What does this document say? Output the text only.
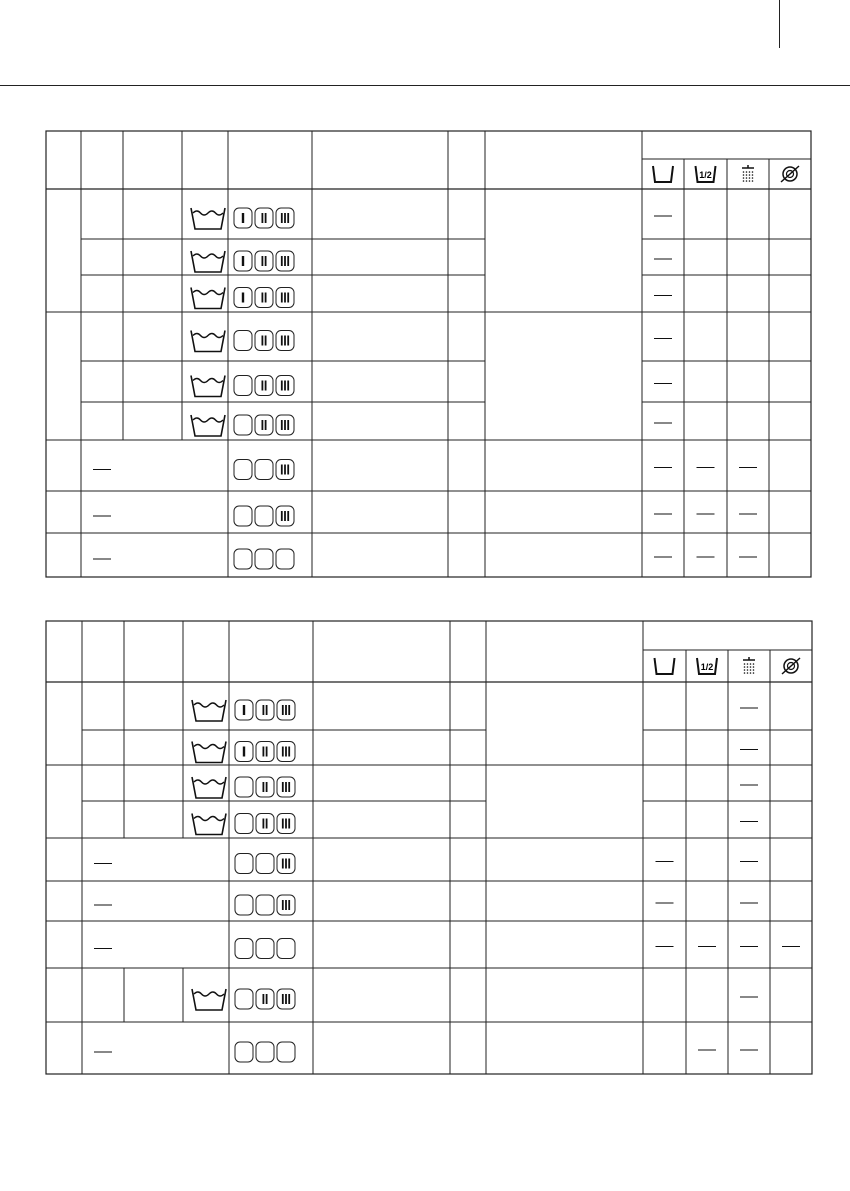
1/2
1/2
